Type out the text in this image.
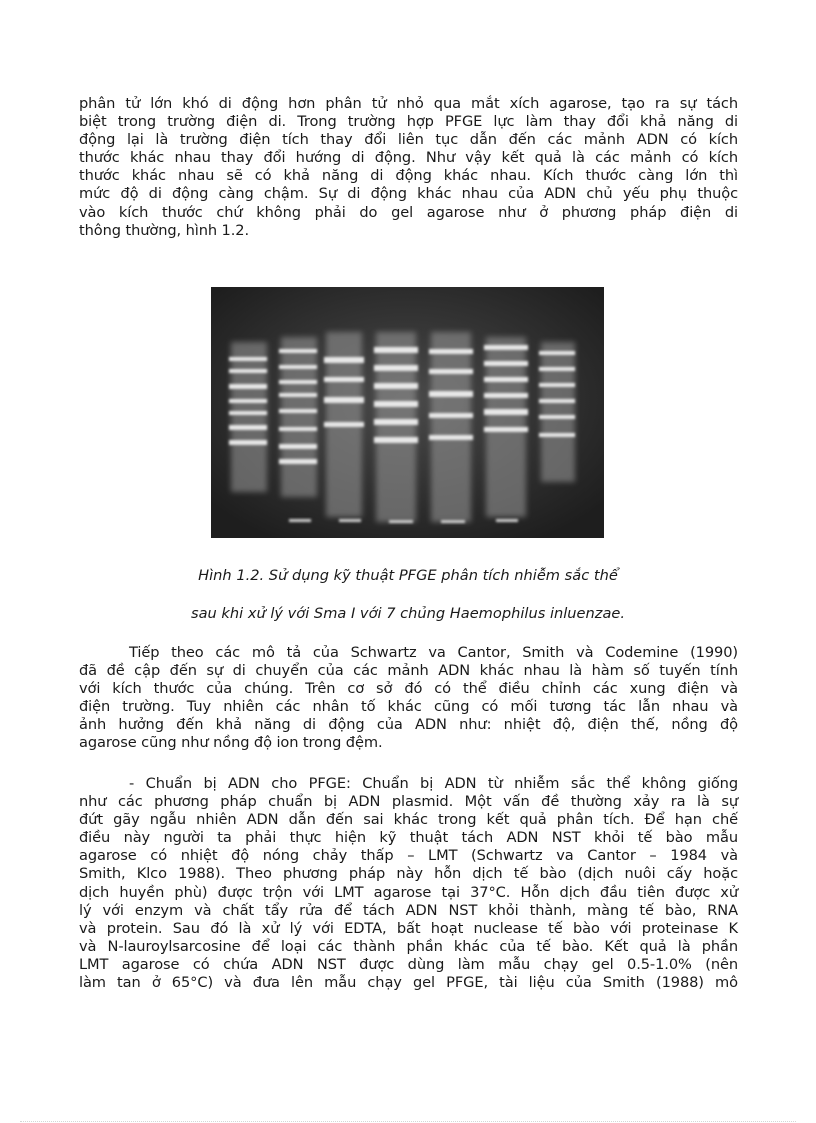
phân tử lớn khó di động hơn phân tử nhỏ qua mắt xích agarose, tạo ra sự tách
biệt trong trường điện di. Trong trường hợp PFGE lực làm thay đổi khả năng di
động lại là trường điện tích thay đổi liên tục dẫn đến các mảnh ADN có kích
thước khác nhau thay đổi hướng di động. Như vậy kết quả là các mảnh có kích
thước khác nhau sẽ có khả năng di động khác nhau. Kích thước càng lớn thì
mức độ di động càng chậm. Sự di động khác nhau của ADN chủ yếu phụ thuộc
vào kích thước chứ không phải do gel agarose như ở phương pháp điện di
thông thường, hình 1.2.

Hình 1.2. Sử dụng kỹ thuật PFGE phân tích nhiễm sắc thể

sau khi xử lý với Sma I với 7 chủng Haemophilus inluenzae.

Tiếp theo các mô tả của Schwartz va Cantor, Smith và Codemine (1990)
đã đề cập đến sự di chuyển của các mảnh ADN khác nhau là hàm số tuyến tính
với kích thước của chúng. Trên cơ sở đó có thể điều chỉnh các xung điện và
điện trường. Tuy nhiên các nhân tố khác cũng có mối tương tác lẫn nhau và
ảnh hưởng đến khả năng di động của ADN như: nhiệt độ, điện thế, nồng độ
agarose cũng như nồng độ ion trong đệm.
- Chuẩn bị ADN cho PFGE: Chuẩn bị ADN từ nhiễm sắc thể không giống
như các phương pháp chuẩn bị ADN plasmid. Một vấn đề thường xảy ra là sự
đứt gãy ngẫu nhiên ADN dẫn đến sai khác trong kết quả phân tích. Để hạn chế
điều này người ta phải thực hiện kỹ thuật tách ADN NST khỏi tế bào mẫu
agarose có nhiệt độ nóng chảy thấp – LMT (Schwartz va Cantor – 1984 và
Smith, Klco 1988). Theo phương pháp này hỗn dịch tế bào (dịch nuôi cấy hoặc
dịch huyền phù) được trộn với LMT agarose tại 37°C. Hỗn dịch đầu tiên được xử
lý với enzym và chất tẩy rửa để tách ADN NST khỏi thành, màng tế bào, RNA
và protein. Sau đó là xử lý với EDTA, bất hoạt nuclease tế bào với proteinase K
và N-lauroylsarcosine để loại các thành phần khác của tế bào. Kết quả là phần
LMT agarose có chứa ADN NST được dùng làm mẫu chạy gel 0.5-1.0% (nên
làm tan ở 65°C) và đưa lên mẫu chạy gel PFGE, tài liệu của Smith (1988) mô
